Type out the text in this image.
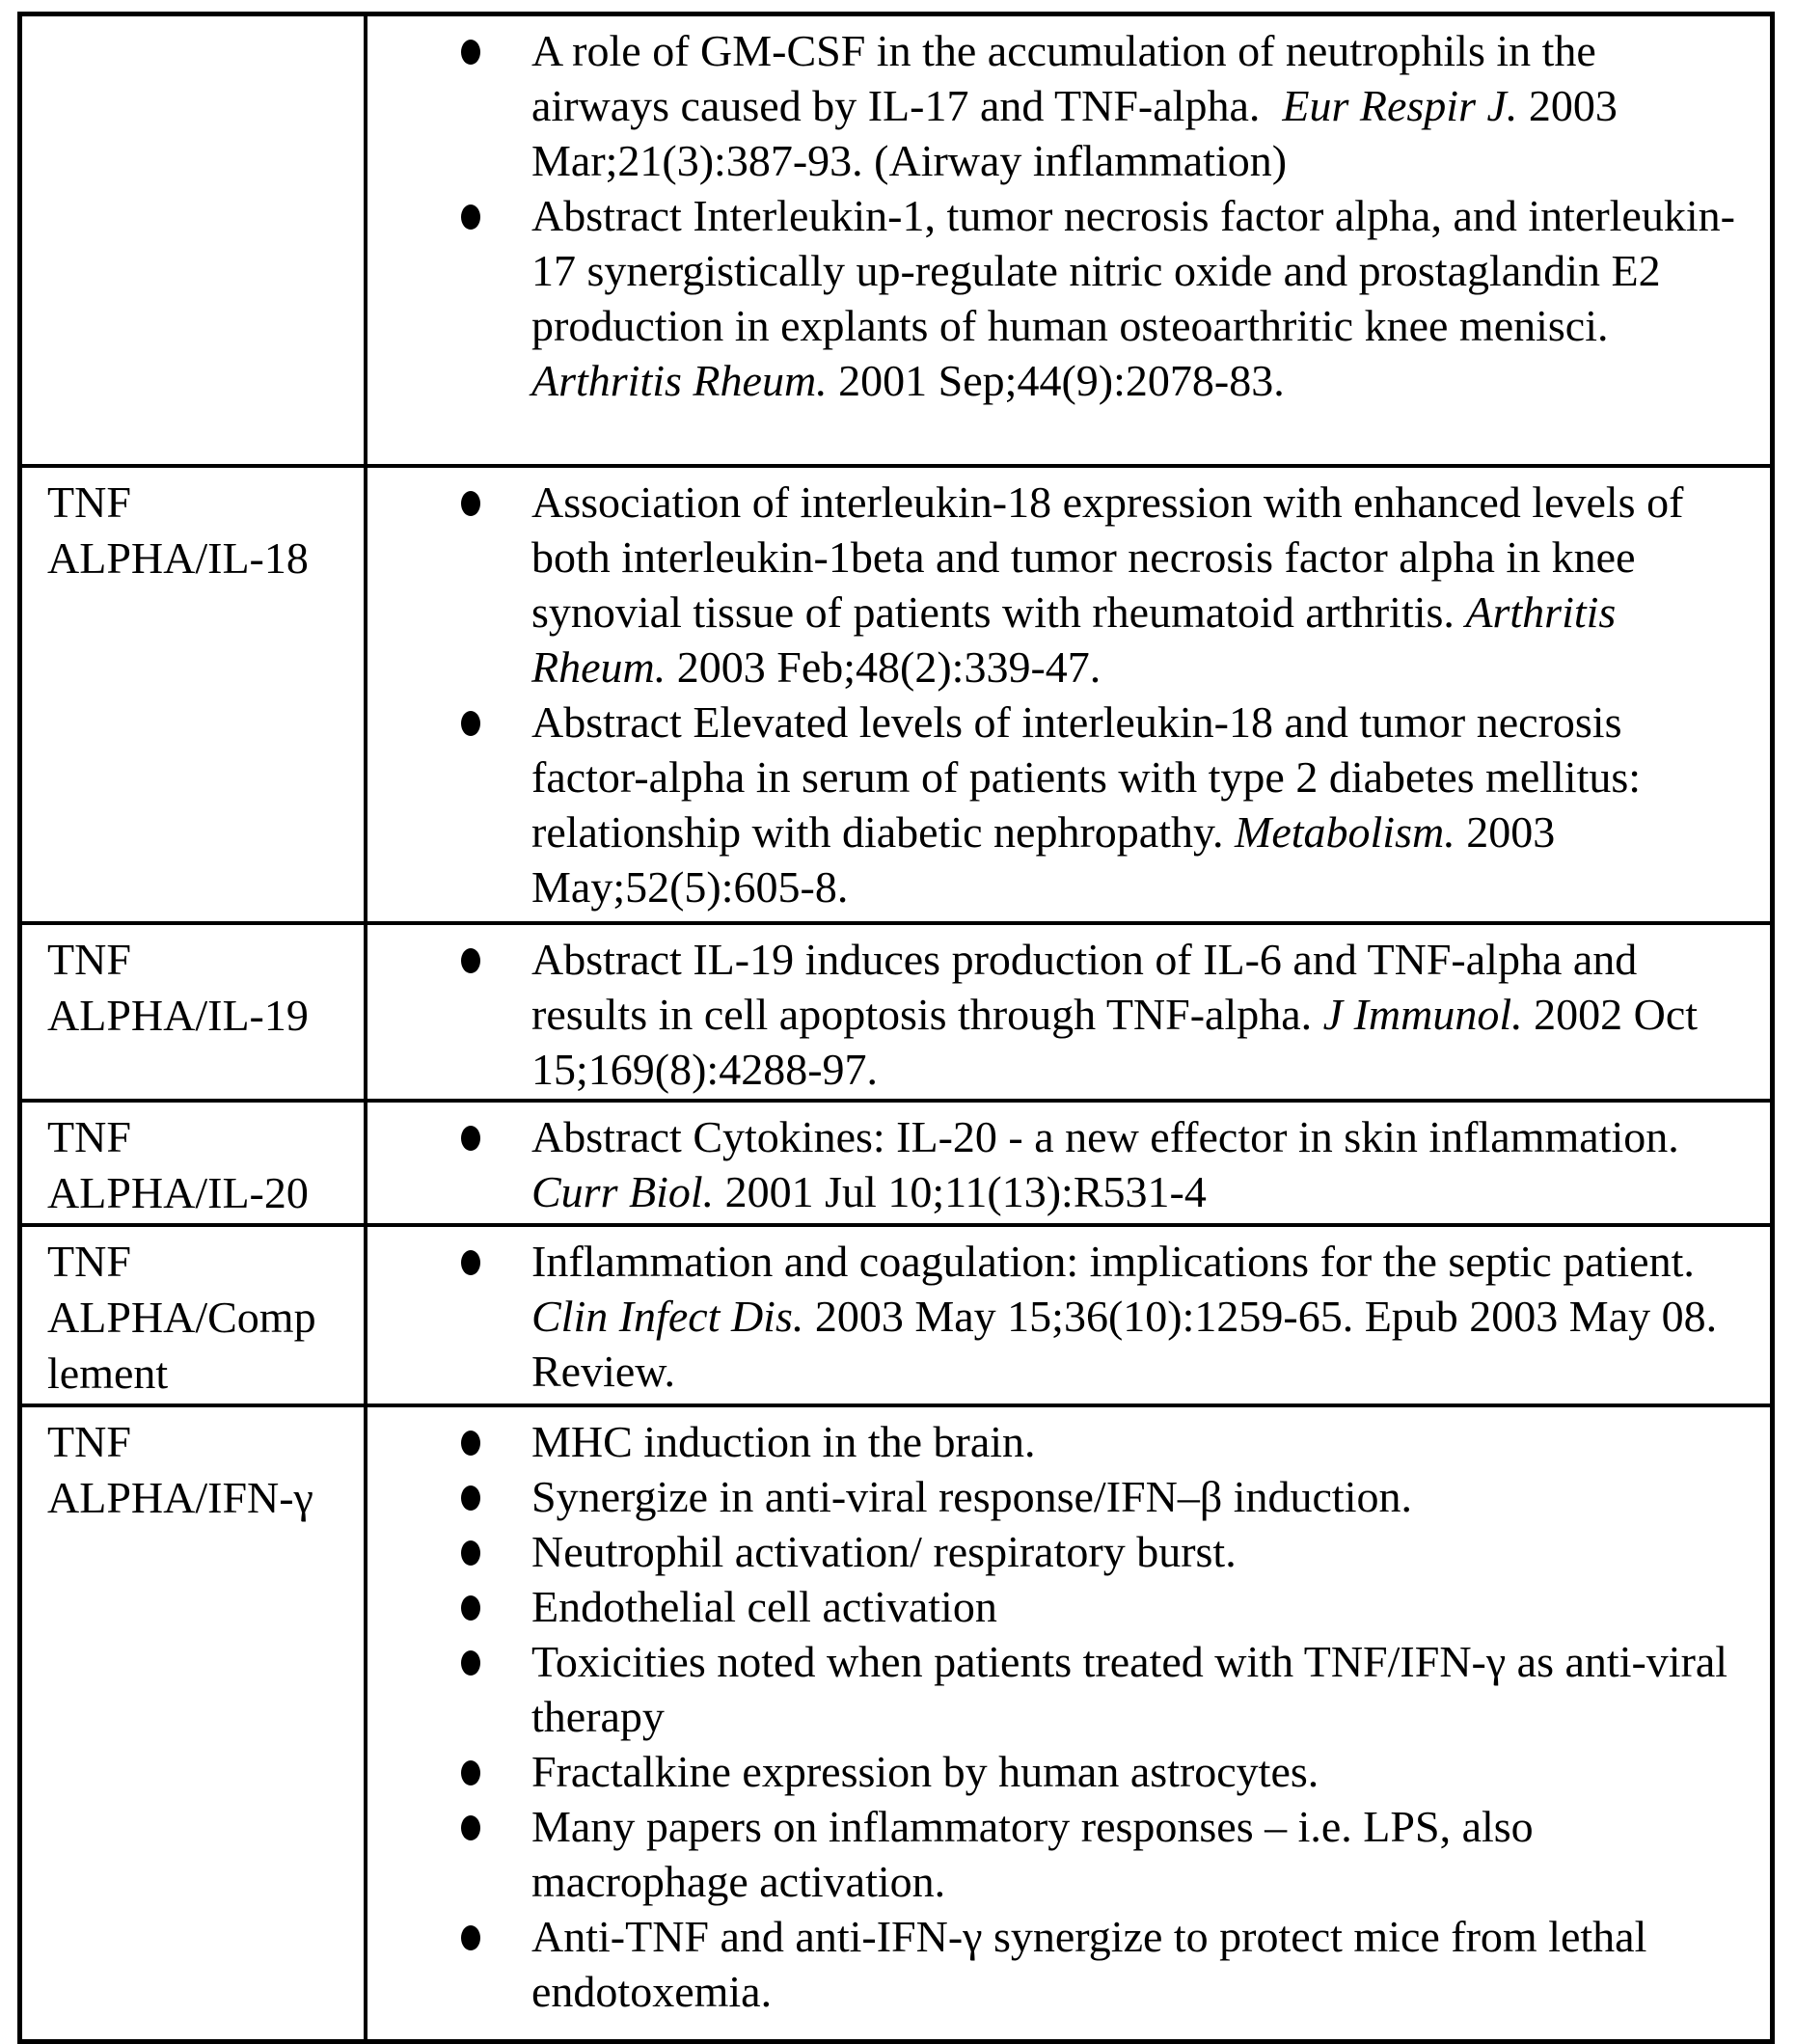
A role of GM-CSF in the accumulation of neutrophils in the airways caused by IL-17 and TNF-alpha.  Eur Respir J. 2003 Mar;21(3):387-93. (Airway inflammation)
Abstract Interleukin-1, tumor necrosis factor alpha, and interleukin-17 synergistically up-regulate nitric oxide and prostaglandin E2 production in explants of human osteoarthritic knee menisci. Arthritis Rheum. 2001 Sep;44(9):2078-83.
TNF
ALPHA/IL-18
Association of interleukin-18 expression with enhanced levels of both interleukin-1beta and tumor necrosis factor alpha in knee synovial tissue of patients with rheumatoid arthritis. Arthritis Rheum. 2003 Feb;48(2):339-47.
Abstract Elevated levels of interleukin-18 and tumor necrosis factor-alpha in serum of patients with type 2 diabetes mellitus: relationship with diabetic nephropathy. Metabolism. 2003 May;52(5):605-8.
TNF
ALPHA/IL-19
Abstract IL-19 induces production of IL-6 and TNF-alpha and results in cell apoptosis through TNF-alpha. J Immunol. 2002 Oct 15;169(8):4288-97.
TNF
ALPHA/IL-20
Abstract Cytokines: IL-20 - a new effector in skin inflammation. Curr Biol. 2001 Jul 10;11(13):R531-4
TNF
ALPHA/Comp
lement
Inflammation and coagulation: implications for the septic patient.  Clin Infect Dis. 2003 May 15;36(10):1259-65. Epub 2003 May 08. Review.
TNF
ALPHA/IFN-γ
MHC induction in the brain.
Synergize in anti-viral response/IFN–β induction.
Neutrophil activation/ respiratory burst.
Endothelial cell activation
Toxicities noted when patients treated with TNF/IFN-γ as anti-viral therapy
Fractalkine expression by human astrocytes.
Many papers on inflammatory responses – i.e. LPS, also macrophage activation.
Anti-TNF and anti-IFN-γ synergize to protect mice from lethal endotoxemia.
